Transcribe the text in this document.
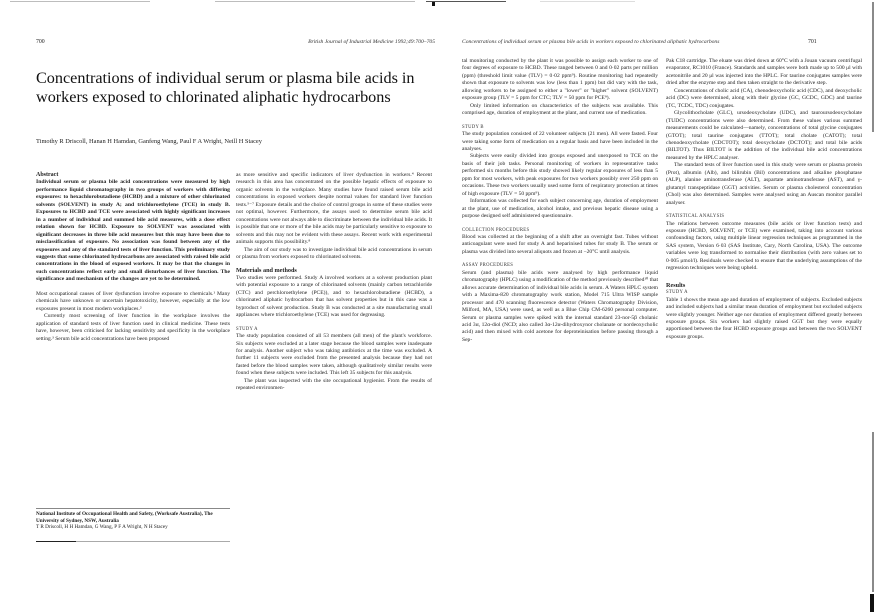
700	British Journal of Industrial Medicine 1992;49:700–705
Concentrations of individual serum or plasma bile acids in workers exposed to chlorinated aliphatic hydrocarbons
Timothy R Driscoll, Hanan H Hamdan, Ganfeng Wang, Paul F A Wright, Neill H Stacey
Abstract
Individual serum or plasma bile acid concentrations were measured by high performance liquid chromatography in two groups of workers with differing exposures: to hexachlorobutadiene (HCBD) and a mixture of other chlorinated solvents (SOLVENT) in study A; and trichloroethylene (TCE) in study B. Exposures to HCBD and TCE were associated with highly significant increases in a number of individual and summed bile acid measures, with a dose effect relation shown for HCBD. Exposure to SOLVENT was associated with significant decreases in three bile acid measures but this may have been due to misclassification of exposure. No association was found between any of the exposures and any of the standard tests of liver function. This preliminary study suggests that some chlorinated hydrocarbons are associated with raised bile acid concentrations in the blood of exposed workers. It may be that the changes in such concentrations reflect early and small disturbances of liver function. The significance and mechanism of the changes are yet to be determined.

Most occupational causes of liver dysfunction involve exposure to chemicals.¹ Many chemicals have unknown or uncertain hepatotoxicity, however, especially at the low exposures present in most modern workplaces.²

Currently most screening of liver function in the workplace involves the application of standard tests of liver function used in clinical medicine. These tests have, however, been criticised for lacking sensitivity and specificity in the workplace setting.³ Serum bile acid concentrations have been proposed

National Institute of Occupational Health and Safety, (Worksafe Australia), The University of Sydney, NSW, Australia
T R Driscoll, H H Hamdan, G Wang, P F A Wright, N H Stacey

as more sensitive and specific indicators of liver dysfunction in workers.⁴ Recent research in this area has concentrated on the possible hepatic effects of exposure to organic solvents in the workplace. Many studies have found raised serum bile acid concentrations in exposed workers despite normal values for standard liver function tests.⁵⁻⁷ Exposure details and the choice of control groups in some of these studies were not optimal, however. Furthermore, the assays used to determine serum bile acid concentrations were not always able to discriminate between the individual bile acids. It is possible that one or more of the bile acids may be particularly sensitive to exposure to solvents and this may not be evident with these assays. Recent work with experimental animals supports this possibility.⁸

The aim of our study was to investigate individual bile acid concentrations in serum or plasma from workers exposed to chlorinated solvents.

Materials and methods

Two studies were performed. Study A involved workers at a solvent production plant with potential exposure to a range of chlorinated solvents (mainly carbon tetrachloride (CTC) and perchloroethylene (PCE)), and to hexachlorobutadiene (HCBD), a chlorinated aliphatic hydrocarbon that has solvent properties but in this case was a byproduct of solvent production. Study B was conducted at a site manufacturing small appliances where trichloroethylene (TCE) was used for degreasing.

STUDY A

The study population consisted of all 53 members (all men) of the plant's workforce. Six subjects were excluded at a later stage because the blood samples were inadequate for analysis. Another subject who was taking antibiotics at the time was excluded. A further 11 subjects were excluded from the presented analysis because they had not fasted before the blood samples were taken, although qualitatively similar results were found when these subjects were included. This left 35 subjects for this analysis.

The plant was inspected with the site occupational hygienist. From the results of repeated environmen-

Concentrations of individual serum or plasma bile acids in workers exposed to chlorinated aliphatic hydrocarbons	701

tal monitoring conducted by the plant it was possible to assign each worker to one of four degrees of exposure to HCBD. These ranged between 0 and 0·02 parts per million (ppm) (threshold limit value (TLV) = 0·02 ppm⁹). Routine monitoring had repeatedly shown that exposure to solvents was low (less than 1 ppm) but did vary with the task, allowing workers to be assigned to either a "lower" or "higher" solvent (SOLVENT) exposure group (TLV = 5 ppm for CTC; TLV = 50 ppm for PCE⁹).

Only limited information on characteristics of the subjects was available. This comprised age, duration of employment at the plant, and current use of medication.

STUDY B

The study population consisted of 22 volunteer subjects (21 men). All were fasted. Four were taking some form of medication on a regular basis and have been included in the analyses.

Subjects were easily divided into groups exposed and unexposed to TCE on the basis of their job tasks. Personal monitoring of workers in representative tasks performed six months before this study showed likely regular exposures of less than 5 ppm for most workers, with peak exposures for two workers possibly over 250 ppm on occasions. These two workers usually used some form of respiratory protection at times of high exposure (TLV = 50 ppm⁹).

Information was collected for each subject concerning age, duration of employment at the plant, use of medication, alcohol intake, and previous hepatic disease using a purpose designed self administered questionnaire.

COLLECTION PROCEDURES

Blood was collected at the beginning of a shift after an overnight fast. Tubes without anticoagulant were used for study A and heparinised tubes for study B. The serum or plasma was divided into several aliquots and frozen at −20°C until analysis.

ASSAY PROCEDURES

Serum (and plasma) bile acids were analysed by high performance liquid chromatography (HPLC) using a modification of the method previously described¹⁰ that allows accurate determination of individual bile acids in serum. A Waters HPLC system with a Maxima-820 chromatography work station, Model 715 Ultra WISP sample processor and 470 scanning fluorescence detector (Waters Chromatography Division, Milford, MA, USA) were used, as well as a Blue Chip CM-6260 personal computer. Serum or plasma samples were spiked with the internal standard 23-nor-5β cholanic acid 3α, 12α-diol (NCD; also called 3α-12α-dihydroxynor cholanate or nordeoxycholic acid) and then mixed with cold acetone for deproteinisation before passing through a Sep-

Pak C18 cartridge. The eluate was dried down at 60°C with a Jouan vacuum centrifugal evaporator, RC1010 (France). Standards and samples were both made up to 500 μl with acetonitrile and 20 μl was injected into the HPLC. For taurine conjugates samples were dried after the enzyme step and then taken straight to the derivative step.

Concentrations of cholic acid (CA), chenodeoxycholic acid (CDC), and deoxycholic acid (DC) were determined, along with their glycine (GC, GCDC, GDC) and taurine (TC, TCDC, TDC) conjugates.

Glycolithocholate (GLC), ursodeoxycholate (UDC), and tauroursodeoxycholate (TUDC) concentrations were also determined. From these values various summed measurements could be calculated—namely, concentrations of total glycine conjugates (GTOT); total taurine conjugates (TTOT); total cholate (CATOT); total chenodeoxycholate (CDCTOT); total deoxycholate (DCTOT); and total bile acids (BILTOT). Thus BILTOT is the addition of the individual bile acid concentrations measured by the HPLC analyser.

The standard tests of liver function used in this study were serum or plasma protein (Prot), albumin (Alb), and bilirubin (Bil) concentrations and alkaline phosphatase (ALP), alanine aminotransferase (ALT), aspartate aminotransferase (AST), and γ-glutamyl transpeptidase (GGT) activities. Serum or plasma cholesterol concentration (Chol) was also determined. Samples were analysed using an Auscan monitor parallel analyser.

STATISTICAL ANALYSIS

The relations between outcome measures (bile acids or liver function tests) and exposure (HCBD, SOLVENT, or TCE) were examined, taking into account various confounding factors, using multiple linear regression techniques as programmed in the SAS system, Version 6·03 (SAS Institute, Cary, North Carolina, USA). The outcome variables were log transformed to normalise their distribution (with zero values set to 0·005 μmol/l). Residuals were checked to ensure that the underlying assumptions of the regression techniques were being upheld.

Results
STUDY A

Table 1 shows the mean age and duration of employment of subjects. Excluded subjects and included subjects had a similar mean duration of employment but excluded subjects were slightly younger. Neither age nor duration of employment differed greatly between exposure groups. Six workers had slightly raised GGT but they were equally apportioned between the four HCBD exposure groups and between the two SOLVENT exposure groups.
